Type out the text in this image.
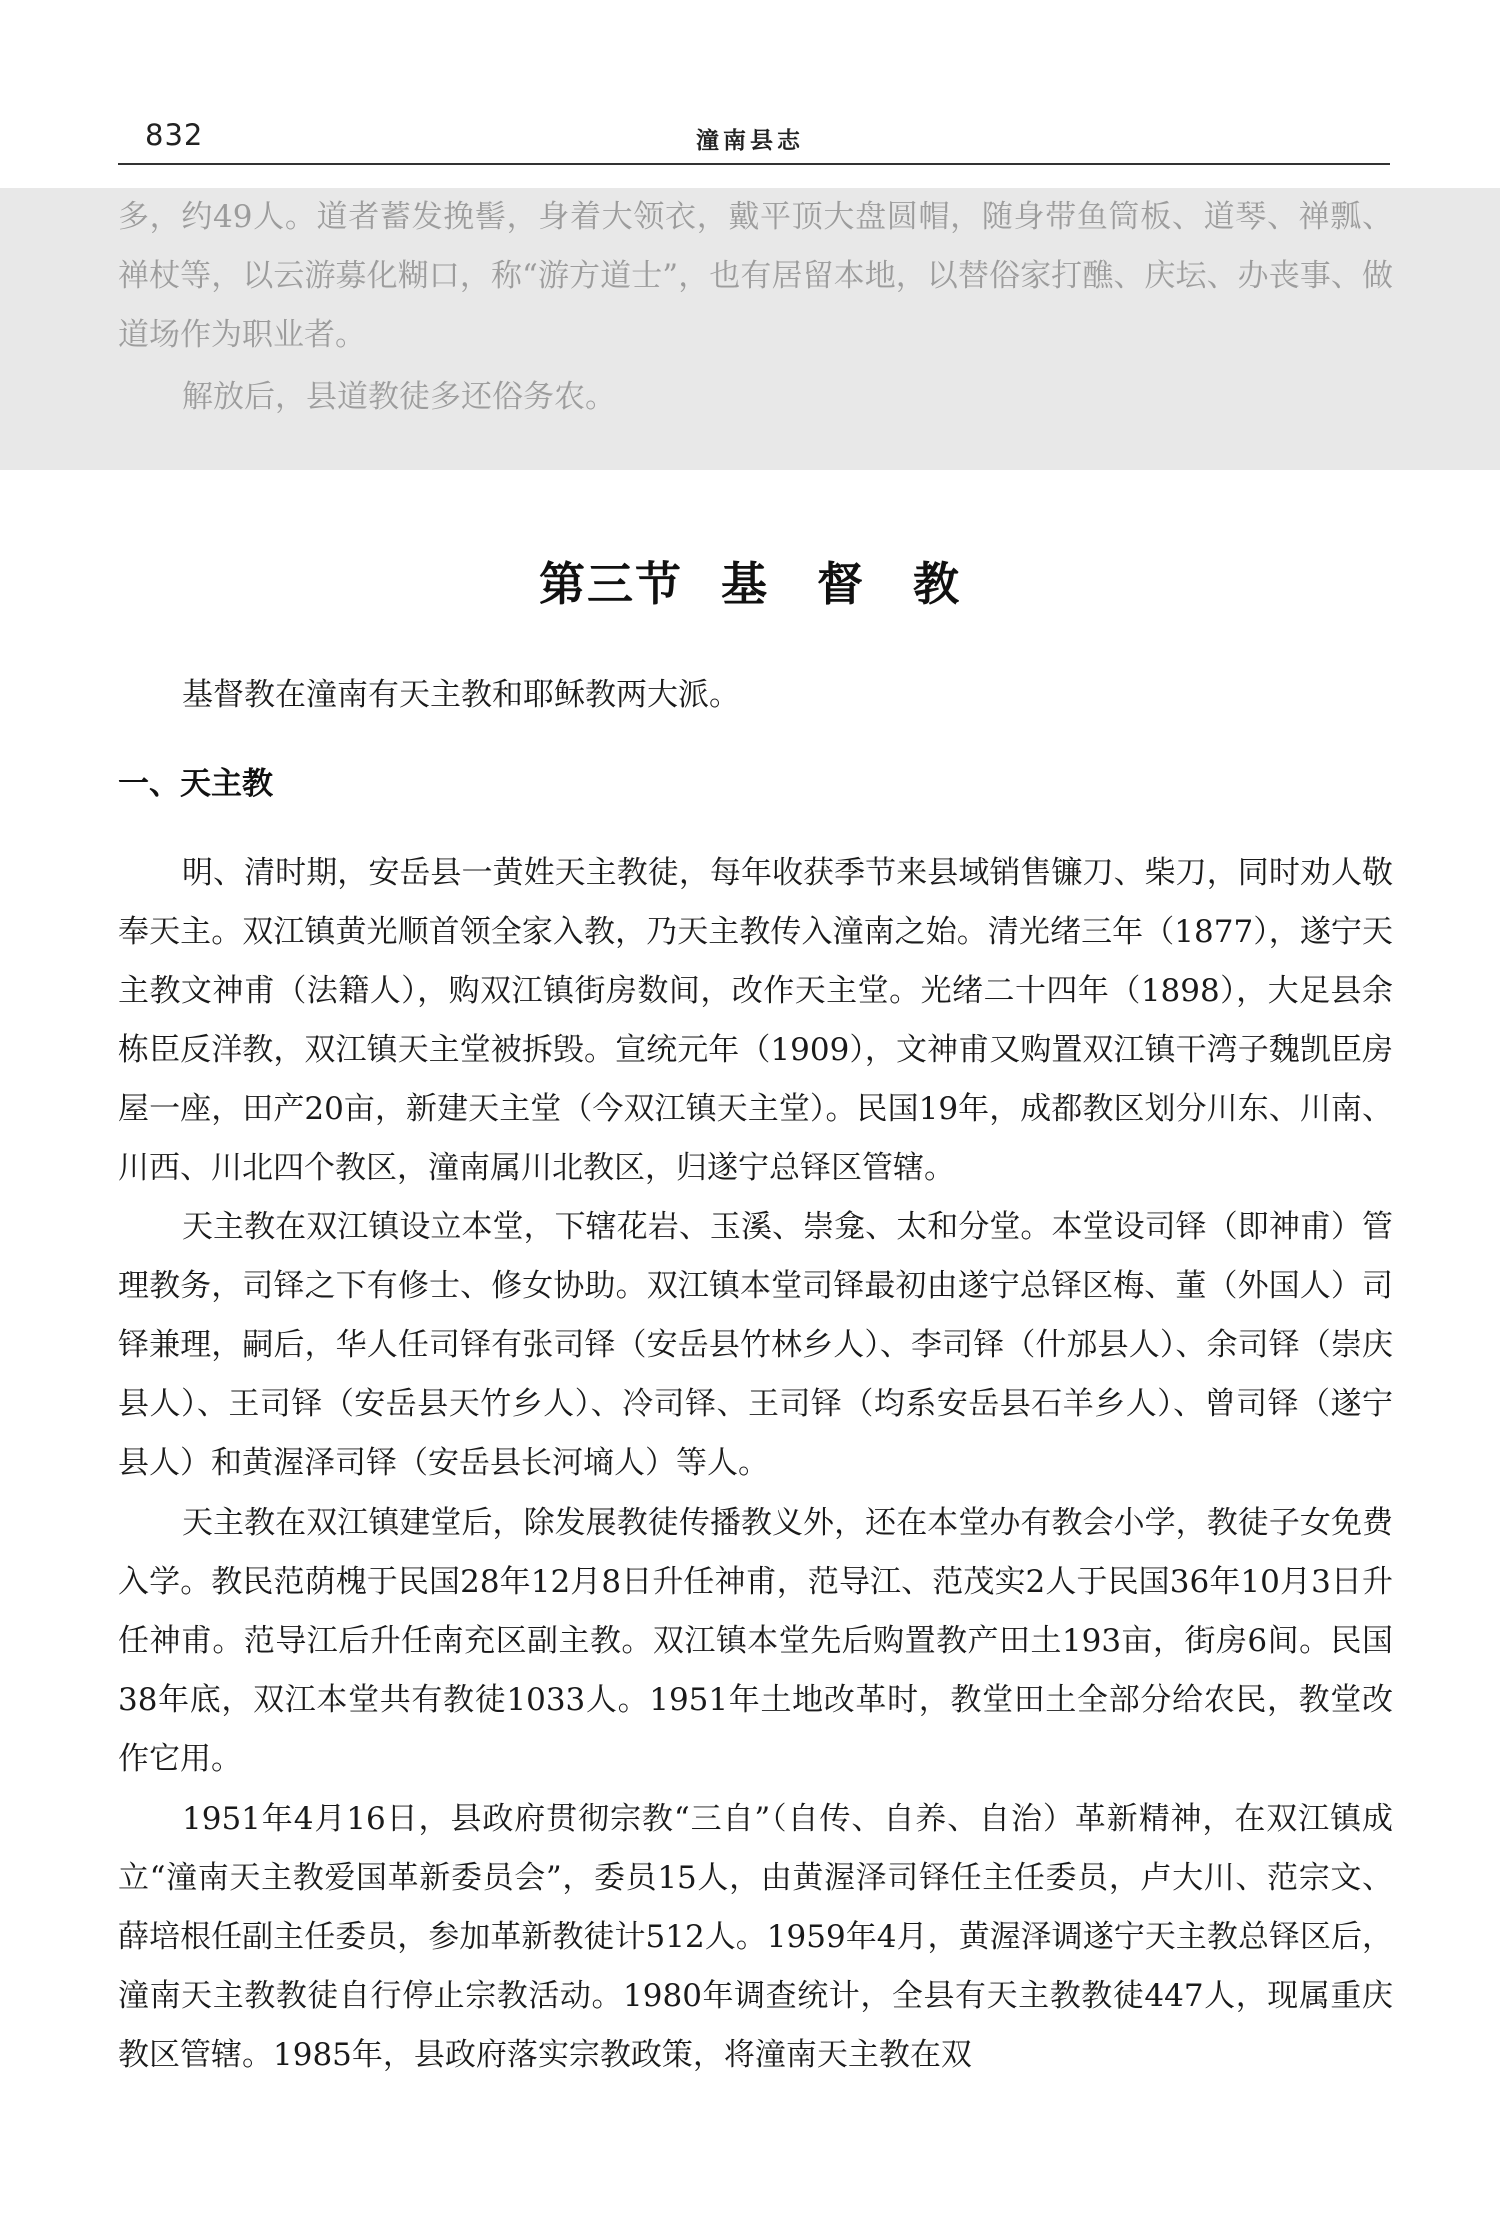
832	潼南县志

多，约49人。道者蓄发挽髻，身着大领衣，戴平顶大盘圆帽，随身带鱼筒板、道琴、禅瓢、禅杖等，以云游募化糊口，称“游方道士”，也有居留本地，以替俗家打醮、庆坛、办丧事、做道场作为职业者。

解放后，县道教徒多还俗务农。

第三节 基　督　教

基督教在潼南有天主教和耶稣教两大派。

一、天主教

明、清时期，安岳县一黄姓天主教徒，每年收获季节来县域销售镰刀、柴刀，同时劝人敬奉天主。双江镇黄光顺首领全家入教，乃天主教传入潼南之始。清光绪三年（1877），遂宁天主教文神甫（法籍人），购双江镇街房数间，改作天主堂。光绪二十四年（1898），大足县余栋臣反洋教，双江镇天主堂被拆毁。宣统元年（1909），文神甫又购置双江镇干湾子魏凯臣房屋一座，田产20亩，新建天主堂（今双江镇天主堂）。民国19年，成都教区划分川东、川南、川西、川北四个教区，潼南属川北教区，归遂宁总铎区管辖。

天主教在双江镇设立本堂，下辖花岩、玉溪、崇龛、太和分堂。本堂设司铎（即神甫）管理教务，司铎之下有修士、修女协助。双江镇本堂司铎最初由遂宁总铎区梅、董（外国人）司铎兼理，嗣后，华人任司铎有张司铎（安岳县竹林乡人）、李司铎（什邡县人）、余司铎（崇庆县人）、王司铎（安岳县天竹乡人）、冷司铎、王司铎（均系安岳县石羊乡人）、曾司铎（遂宁县人）和黄渥泽司铎（安岳县长河墒人）等人。

天主教在双江镇建堂后，除发展教徒传播教义外，还在本堂办有教会小学，教徒子女免费入学。教民范荫槐于民国28年12月8日升任神甫，范导江、范茂实2人于民国36年10月3日升任神甫。范导江后升任南充区副主教。双江镇本堂先后购置教产田土193亩，街房6间。民国38年底，双江本堂共有教徒1033人。1951年土地改革时，教堂田土全部分给农民，教堂改作它用。

1951年4月16日，县政府贯彻宗教“三自”（自传、自养、自治）革新精神，在双江镇成立“潼南天主教爱国革新委员会”，委员15人，由黄渥泽司铎任主任委员，卢大川、范宗文、薛培根任副主任委员，参加革新教徒计512人。1959年4月，黄渥泽调遂宁天主教总铎区后，潼南天主教教徒自行停止宗教活动。1980年调查统计，全县有天主教教徒447人，现属重庆教区管辖。1985年，县政府落实宗教政策，将潼南天主教在双
